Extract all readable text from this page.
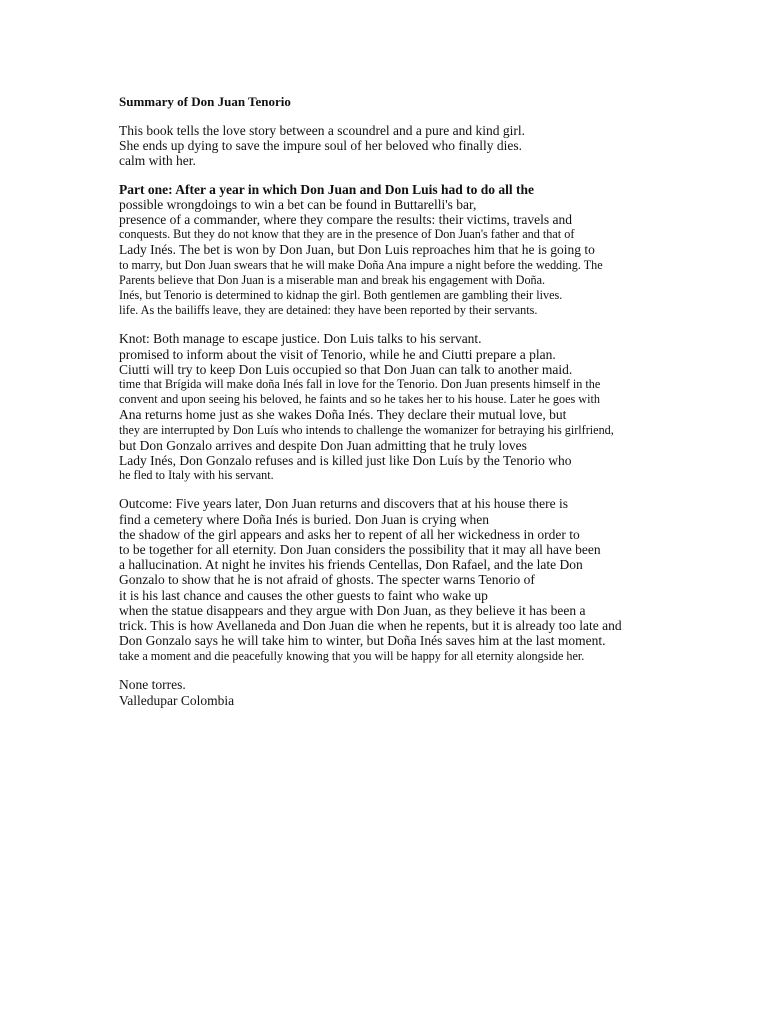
Summary of Don Juan Tenorio
This book tells the love story between a scoundrel and a pure and kind girl.
She ends up dying to save the impure soul of her beloved who finally dies.
calm with her.
Part one: After a year in which Don Juan and Don Luis had to do all the
possible wrongdoings to win a bet can be found in Buttarelli's bar,
presence of a commander, where they compare the results: their victims, travels and
conquests. But they do not know that they are in the presence of Don Juan's father and that of
Lady Inés. The bet is won by Don Juan, but Don Luis reproaches him that he is going to
to marry, but Don Juan swears that he will make Doña Ana impure a night before the wedding. The
Parents believe that Don Juan is a miserable man and break his engagement with Doña.
Inés, but Tenorio is determined to kidnap the girl. Both gentlemen are gambling their lives.
life. As the bailiffs leave, they are detained: they have been reported by their servants.
Knot: Both manage to escape justice. Don Luis talks to his servant.
promised to inform about the visit of Tenorio, while he and Ciutti prepare a plan.
Ciutti will try to keep Don Luis occupied so that Don Juan can talk to another maid.
time that Brígida will make doña Inés fall in love for the Tenorio. Don Juan presents himself in the
convent and upon seeing his beloved, he faints and so he takes her to his house. Later he goes with
Ana returns home just as she wakes Doña Inés. They declare their mutual love, but
they are interrupted by Don Luís who intends to challenge the womanizer for betraying his girlfriend,
but Don Gonzalo arrives and despite Don Juan admitting that he truly loves
Lady Inés, Don Gonzalo refuses and is killed just like Don Luís by the Tenorio who
he fled to Italy with his servant.
Outcome: Five years later, Don Juan returns and discovers that at his house there is
find a cemetery where Doña Inés is buried. Don Juan is crying when
the shadow of the girl appears and asks her to repent of all her wickedness in order to
to be together for all eternity. Don Juan considers the possibility that it may all have been
a hallucination. At night he invites his friends Centellas, Don Rafael, and the late Don
Gonzalo to show that he is not afraid of ghosts. The specter warns Tenorio of
it is his last chance and causes the other guests to faint who wake up
when the statue disappears and they argue with Don Juan, as they believe it has been a
trick. This is how Avellaneda and Don Juan die when he repents, but it is already too late and
Don Gonzalo says he will take him to winter, but Doña Inés saves him at the last moment.
take a moment and die peacefully knowing that you will be happy for all eternity alongside her.
None torres.
Valledupar Colombia
